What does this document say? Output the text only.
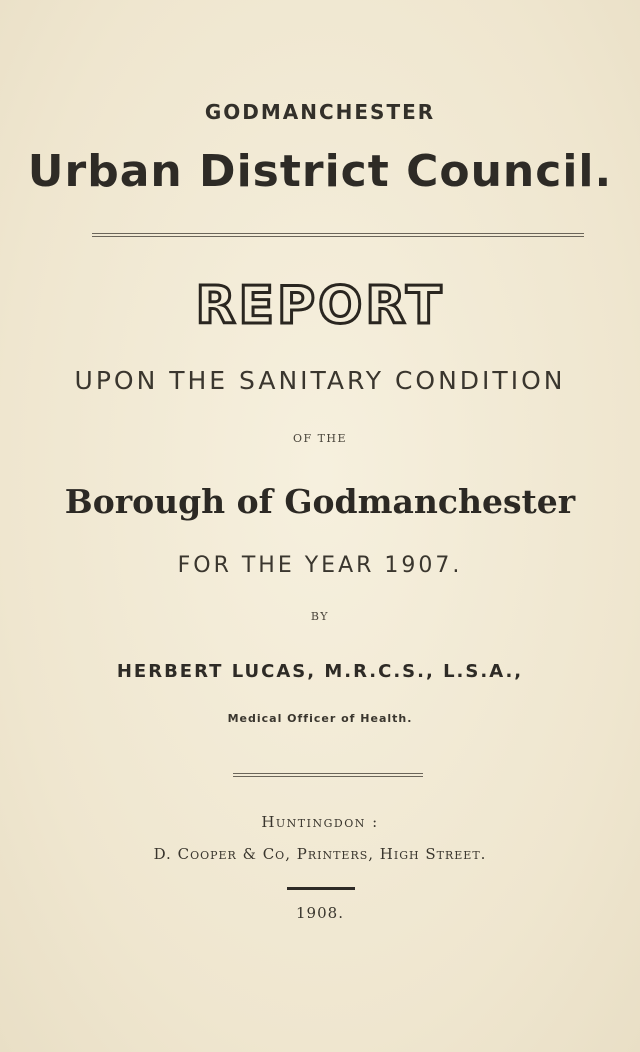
GODMANCHESTER
Urban District Council.
REPORT
UPON THE SANITARY CONDITION
OF THE
Borough of Godmanchester
FOR THE YEAR 1907.
BY
HERBERT LUCAS, M.R.C.S., L.S.A.,
Medical Officer of Health.
Huntingdon :
D. Cooper & Co, Printers, High Street.
1908.
